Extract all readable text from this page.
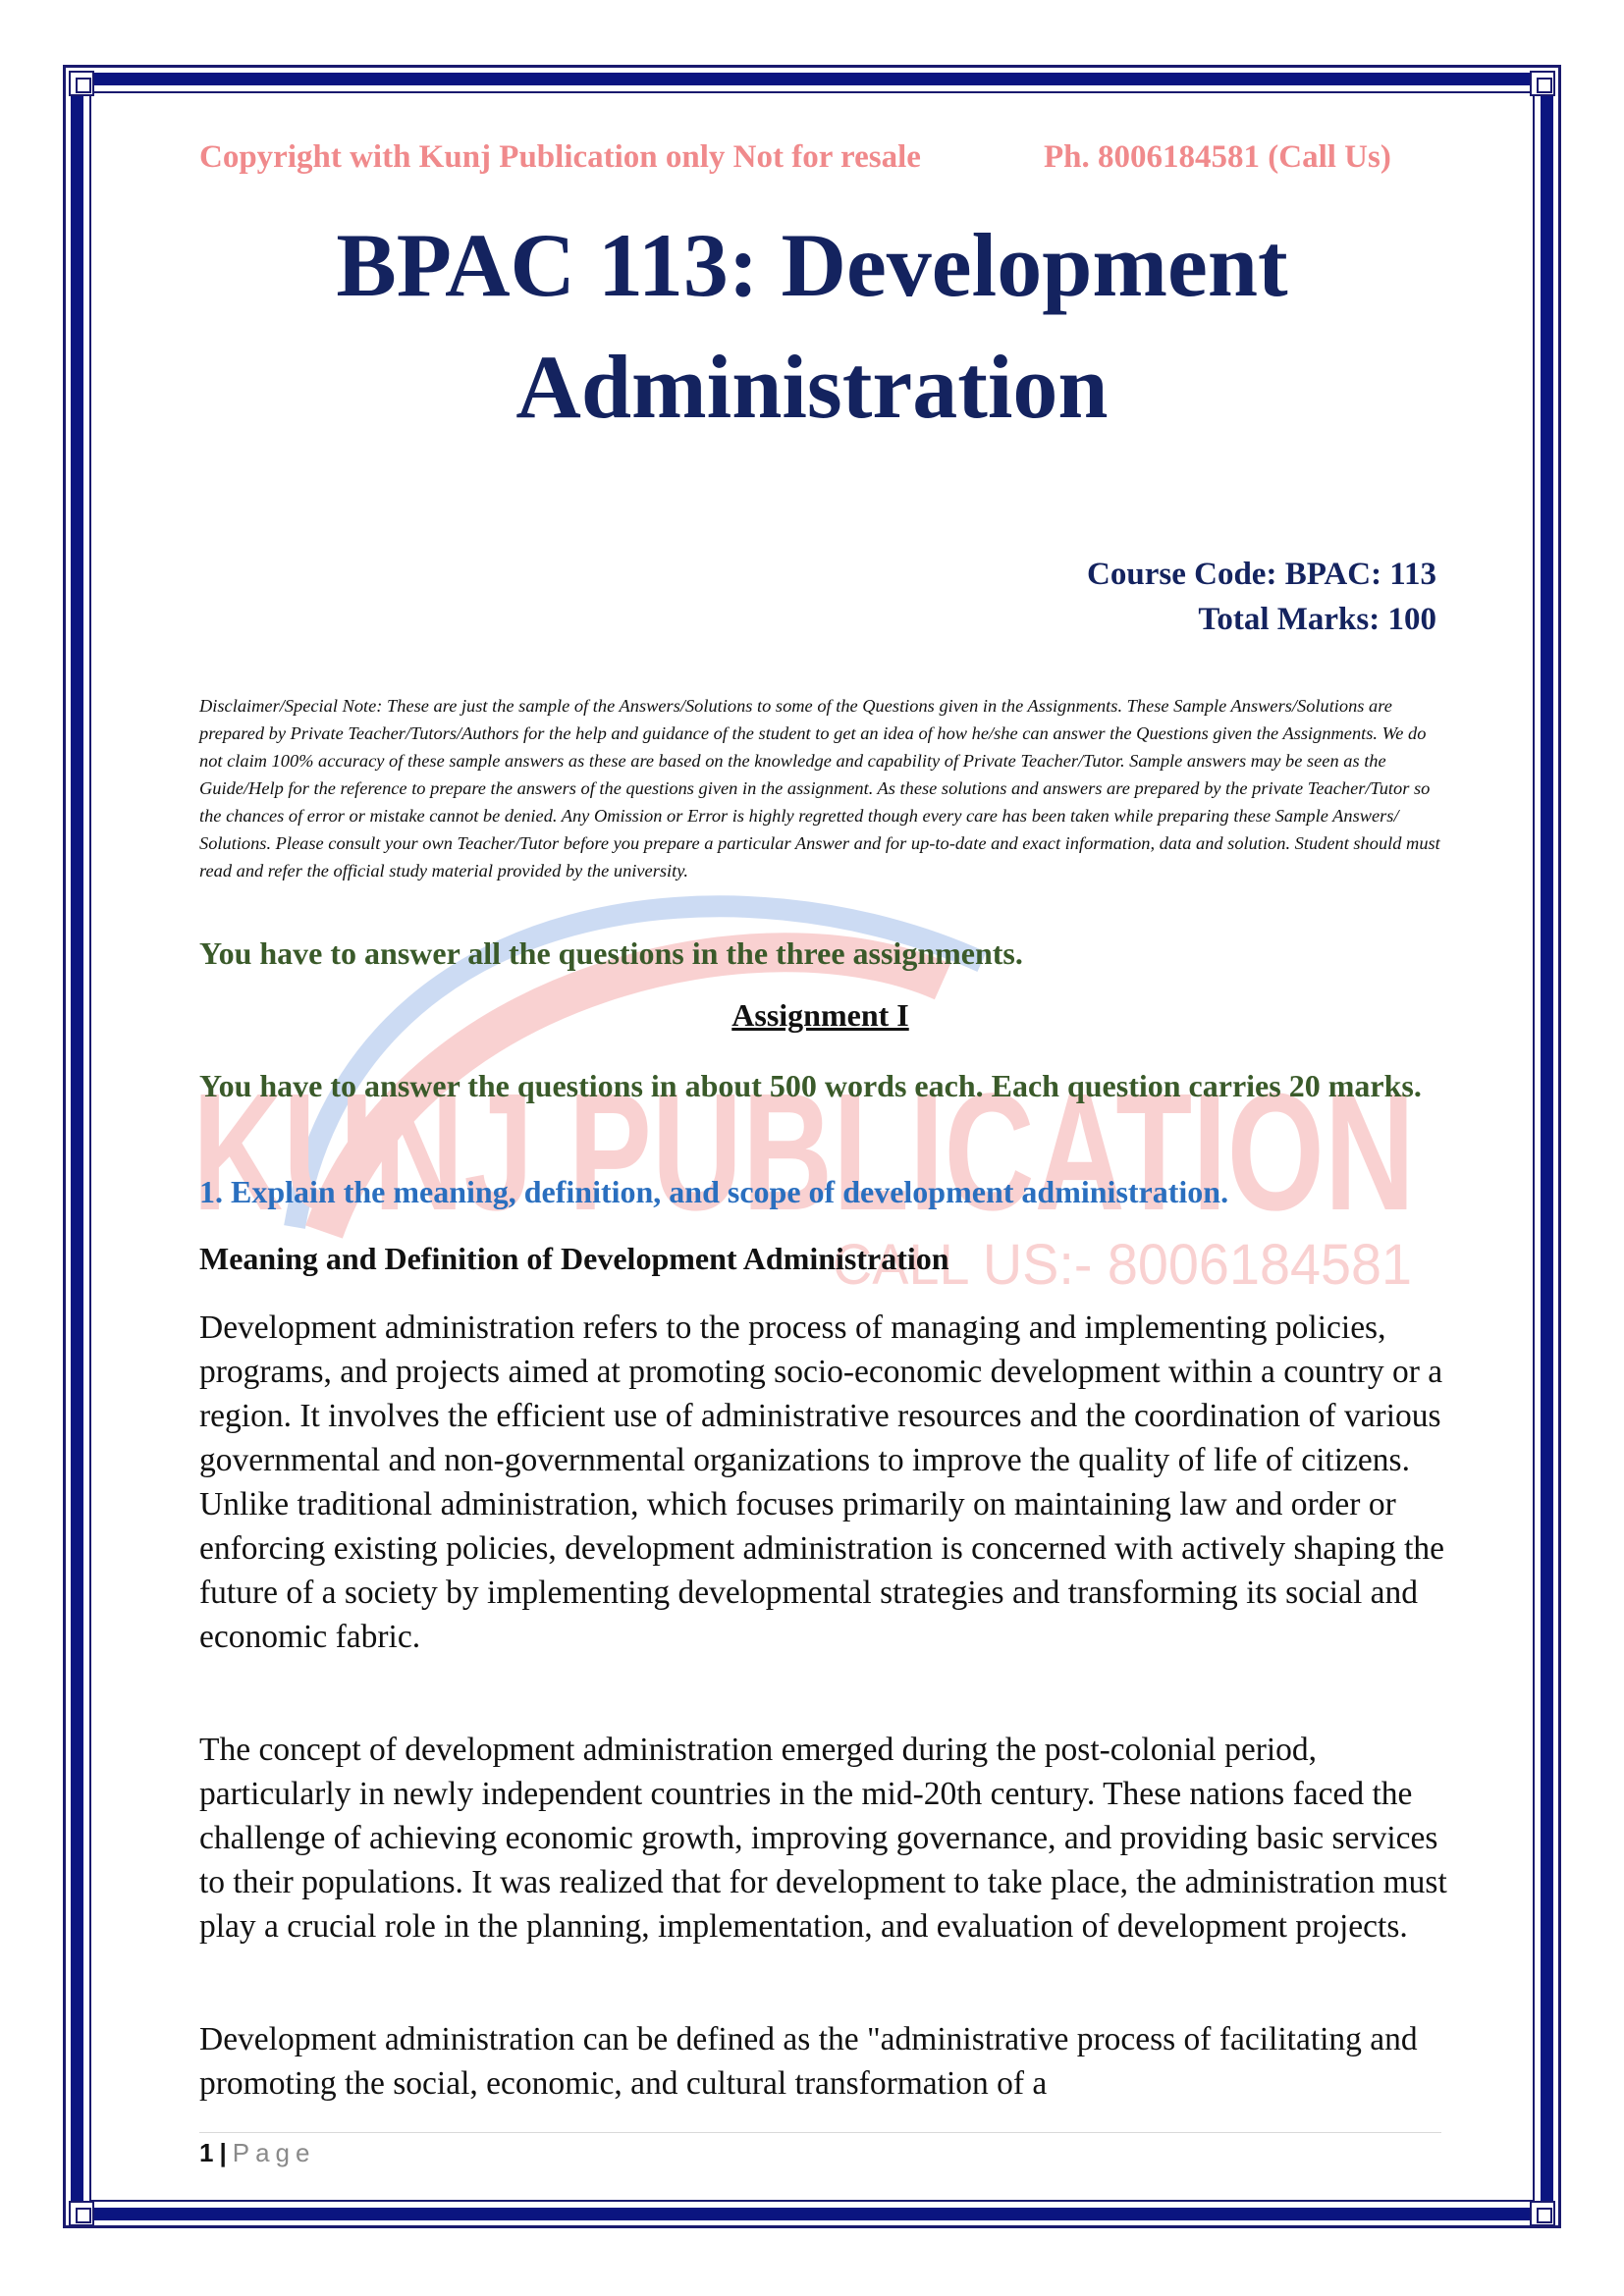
KUNJ PUBLICATION
CALL US:- 8006184581
Copyright with Kunj Publication only Not for resale	Ph. 8006184581 (Call Us)
BPAC 113: Development
Administration
Course Code: BPAC: 113
Total Marks: 100

Disclaimer/Special Note: These are just the sample of the Answers/Solutions to some of the Questions given in the Assignments. These Sample Answers/Solutions are prepared by Private Teacher/Tutors/Authors for the help and guidance of the student to get an idea of how he/she can answer the Questions given the Assignments. We do not claim 100% accuracy of these sample answers as these are based on the knowledge and capability of Private Teacher/Tutor. Sample answers may be seen as the Guide/Help for the reference to prepare the answers of the questions given in the assignment. As these solutions and answers are prepared by the private Teacher/Tutor so the chances of error or mistake cannot be denied. Any Omission or Error is highly regretted though every care has been taken while preparing these Sample Answers/ Solutions. Please consult your own Teacher/Tutor before you prepare a particular Answer and for up-to-date and exact information, data and solution. Student should must read and refer the official study material provided by the university.

You have to answer all the questions in the three assignments.

Assignment I

You have to answer the questions in about 500 words each. Each question carries 20 marks.

1. Explain the meaning, definition, and scope of development administration.

Meaning and Definition of Development Administration

Development administration refers to the process of managing and implementing policies, programs, and projects aimed at promoting socio-economic development within a country or a region. It involves the efficient use of administrative resources and the coordination of various governmental and non-governmental organizations to improve the quality of life of citizens. Unlike traditional administration, which focuses primarily on maintaining law and order or enforcing existing policies, development administration is concerned with actively shaping the future of a society by implementing developmental strategies and transforming its social and economic fabric.

The concept of development administration emerged during the post-colonial period, particularly in newly independent countries in the mid-20th century. These nations faced the challenge of achieving economic growth, improving governance, and providing basic services to their populations. It was realized that for development to take place, the administration must play a crucial role in the planning, implementation, and evaluation of development projects.

Development administration can be defined as the "administrative process of facilitating and promoting the social, economic, and cultural transformation of a

1 | Page
